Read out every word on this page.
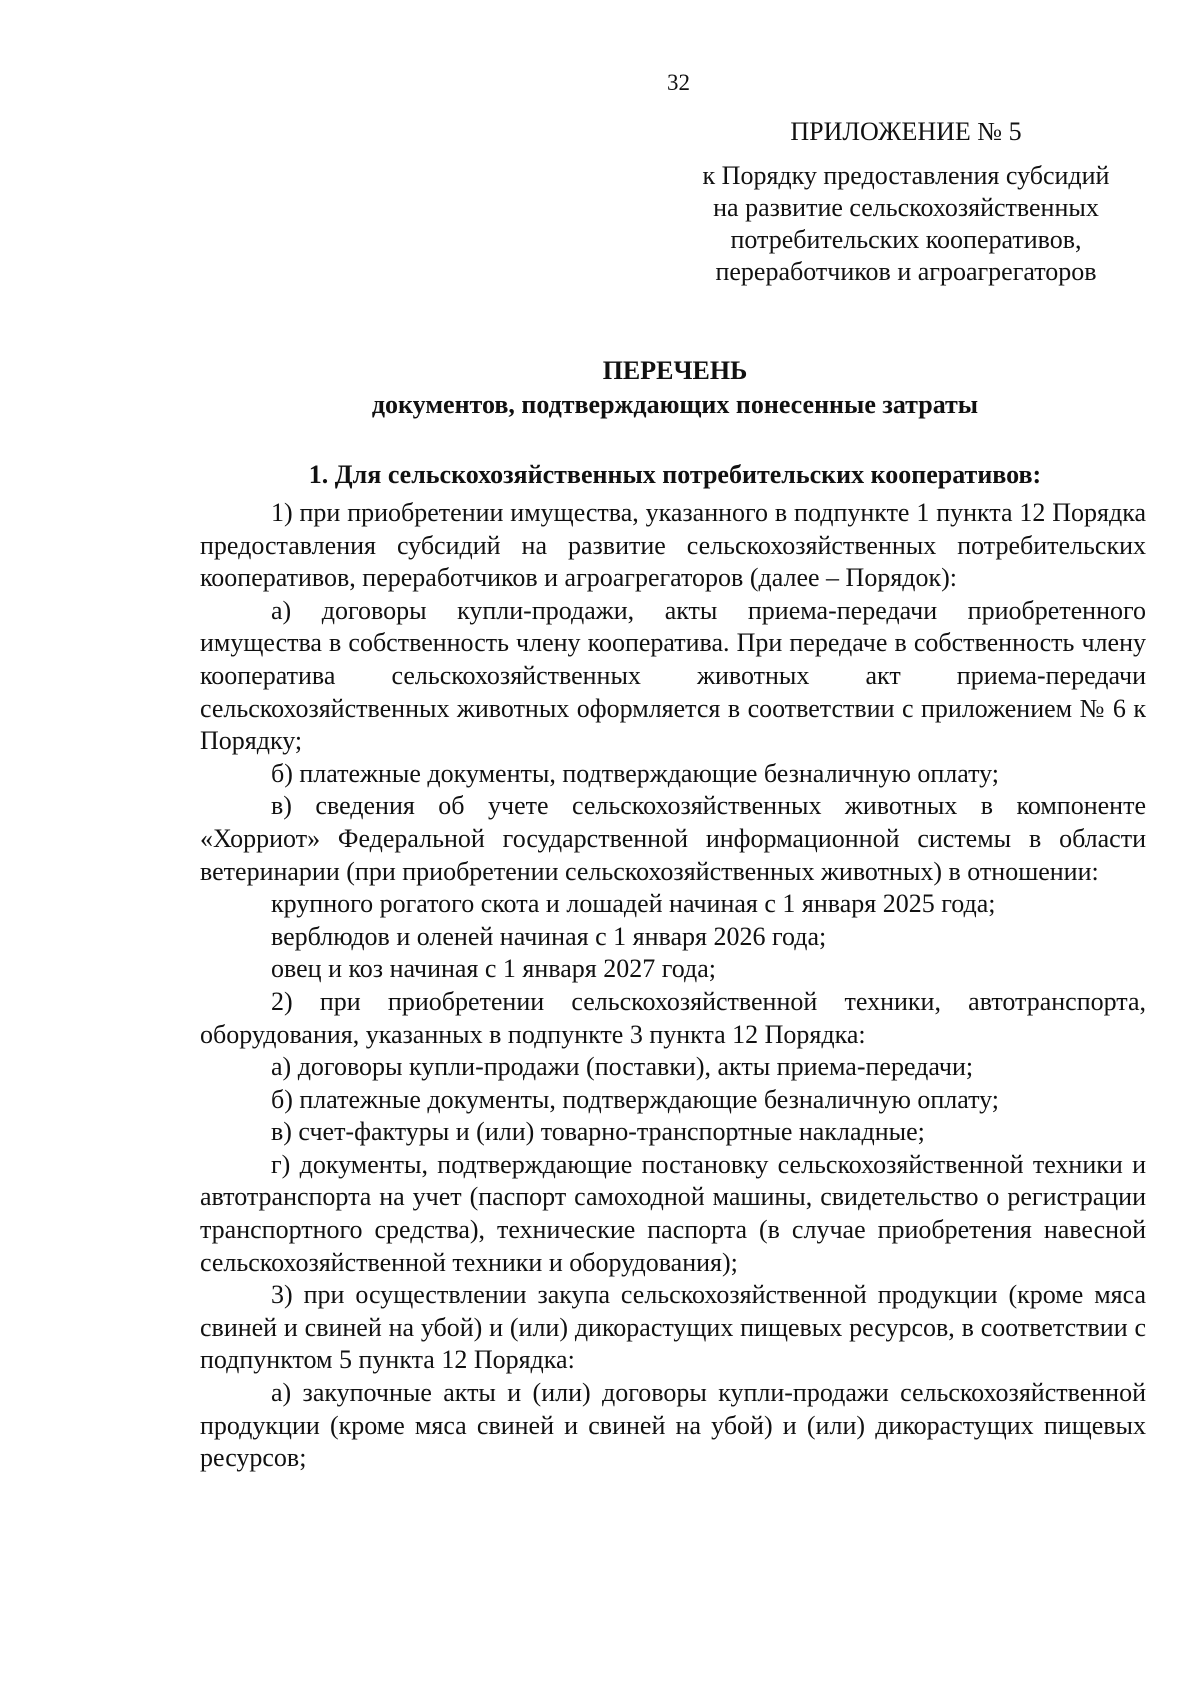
32
ПРИЛОЖЕНИЕ № 5
к Порядку предоставления субсидий
на развитие сельскохозяйственных
потребительских кооперативов,
переработчиков и агроагрегаторов
ПЕРЕЧЕНЬ
документов, подтверждающих понесенные затраты
1. Для сельскохозяйственных потребительских кооперативов:

1) при приобретении имущества, указанного в подпункте 1 пункта 12 Порядка предоставления субсидий на развитие сельскохозяйственных потребительских кооперативов, переработчиков и агроагрегаторов (далее – Порядок):

а) договоры купли-продажи, акты приема-передачи приобретенного имущества в собственность члену кооператива. При передаче в собственность члену кооператива сельскохозяйственных животных акт приема-передачи сельскохозяйственных животных оформляется в соответствии с приложением № 6 к Порядку;

б) платежные документы, подтверждающие безналичную оплату;

в) сведения об учете сельскохозяйственных животных в компоненте «Хорриот» Федеральной государственной информационной системы в области ветеринарии (при приобретении сельскохозяйственных животных) в отношении:

крупного рогатого скота и лошадей начиная с 1 января 2025 года;

верблюдов и оленей начиная с 1 января 2026 года;

овец и коз начиная с 1 января 2027 года;

2) при приобретении сельскохозяйственной техники, автотранспорта, оборудования, указанных в подпункте 3 пункта 12 Порядка:

а) договоры купли-продажи (поставки), акты приема-передачи;

б) платежные документы, подтверждающие безналичную оплату;

в) счет-фактуры и (или) товарно-транспортные накладные;

г) документы, подтверждающие постановку сельскохозяйственной техники и автотранспорта на учет (паспорт самоходной машины, свидетельство о регистрации транспортного средства), технические паспорта (в случае приобретения навесной сельскохозяйственной техники и оборудования);

3) при осуществлении закупа сельскохозяйственной продукции (кроме мяса свиней и свиней на убой) и (или) дикорастущих пищевых ресурсов, в соответствии с подпунктом 5 пункта 12 Порядка:

а) закупочные акты и (или) договоры купли-продажи сельскохозяйственной продукции (кроме мяса свиней и свиней на убой) и (или) дикорастущих пищевых ресурсов;
